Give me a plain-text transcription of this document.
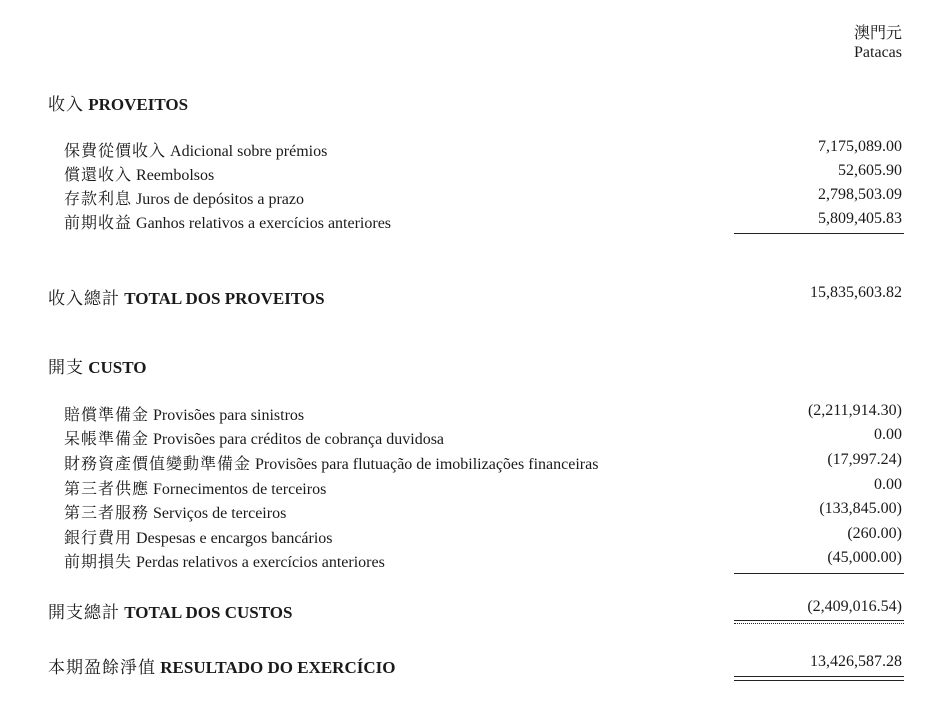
澳門元
Patacas
收入 PROVEITOS
保費從價收入 Adicional sobre prémios	7,175,089.00
償還收入 Reembolsos	52,605.90
存款利息 Juros de depósitos a prazo	2,798,503.09
前期收益 Ganhos relativos a exercícios anteriores	5,809,405.83
收入總計 TOTAL DOS PROVEITOS	15,835,603.82
開支 CUSTO
賠償準備金 Provisões para sinistros	(2,211,914.30)
呆帳準備金 Provisões para créditos de cobrança duvidosa	0.00
財務資產價值變動準備金 Provisões para flutuação de imobilizações financeiras	(17,997.24)
第三者供應 Fornecimentos de terceiros	0.00
第三者服務 Serviços de terceiros	(133,845.00)
銀行費用 Despesas e encargos bancários	(260.00)
前期損失 Perdas relativos a exercícios anteriores	(45,000.00)
開支總計 TOTAL DOS CUSTOS	(2,409,016.54)
本期盈餘淨值 RESULTADO DO EXERCÍCIO	13,426,587.28
